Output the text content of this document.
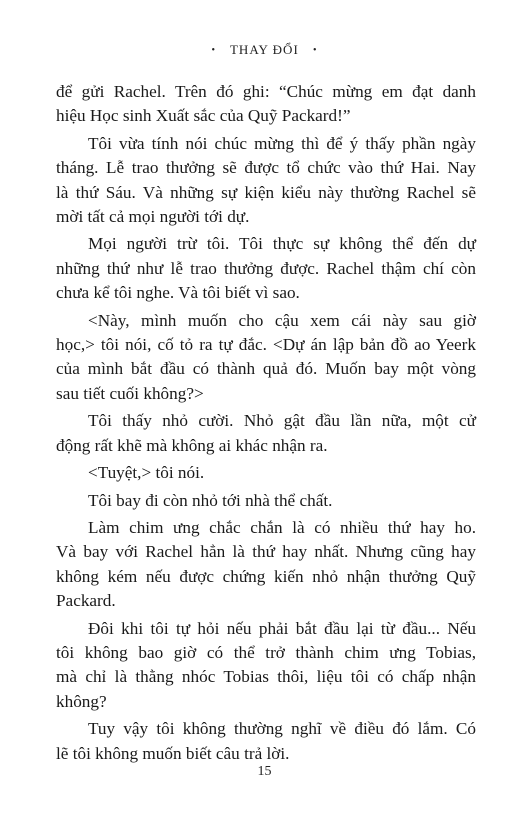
• THAY ĐỔI •
để gửi Rachel. Trên đó ghi: “Chúc mừng em đạt danh
hiệu Học sinh Xuất sắc của Quỹ Packard!”
Tôi vừa tính nói chúc mừng thì để ý thấy phần ngày
tháng. Lễ trao thưởng sẽ được tổ chức vào thứ Hai. Nay
là thứ Sáu. Và những sự kiện kiểu này thường Rachel sẽ
mời tất cả mọi người tới dự.
Mọi người trừ tôi. Tôi thực sự không thể đến dự
những thứ như lễ trao thưởng được. Rachel thậm chí còn
chưa kể tôi nghe. Và tôi biết vì sao.
<Này, mình muốn cho cậu xem cái này sau giờ
học,> tôi nói, cố tỏ ra tự đắc. <Dự án lập bản đồ ao Yeerk
của mình bắt đầu có thành quả đó. Muốn bay một vòng
sau tiết cuối không?>
Tôi thấy nhỏ cười. Nhỏ gật đầu lần nữa, một cử
động rất khẽ mà không ai khác nhận ra.
<Tuyệt,> tôi nói.
Tôi bay đi còn nhỏ tới nhà thể chất.
Làm chim ưng chắc chắn là có nhiều thứ hay ho.
Và bay với Rachel hẳn là thứ hay nhất. Nhưng cũng hay
không kém nếu được chứng kiến nhỏ nhận thưởng Quỹ
Packard.
Đôi khi tôi tự hỏi nếu phải bắt đầu lại từ đầu... Nếu
tôi không bao giờ có thể trở thành chim ưng Tobias,
mà chỉ là thằng nhóc Tobias thôi, liệu tôi có chấp nhận
không?
Tuy vậy tôi không thường nghĩ về điều đó lắm. Có
lẽ tôi không muốn biết câu trả lời.
15
